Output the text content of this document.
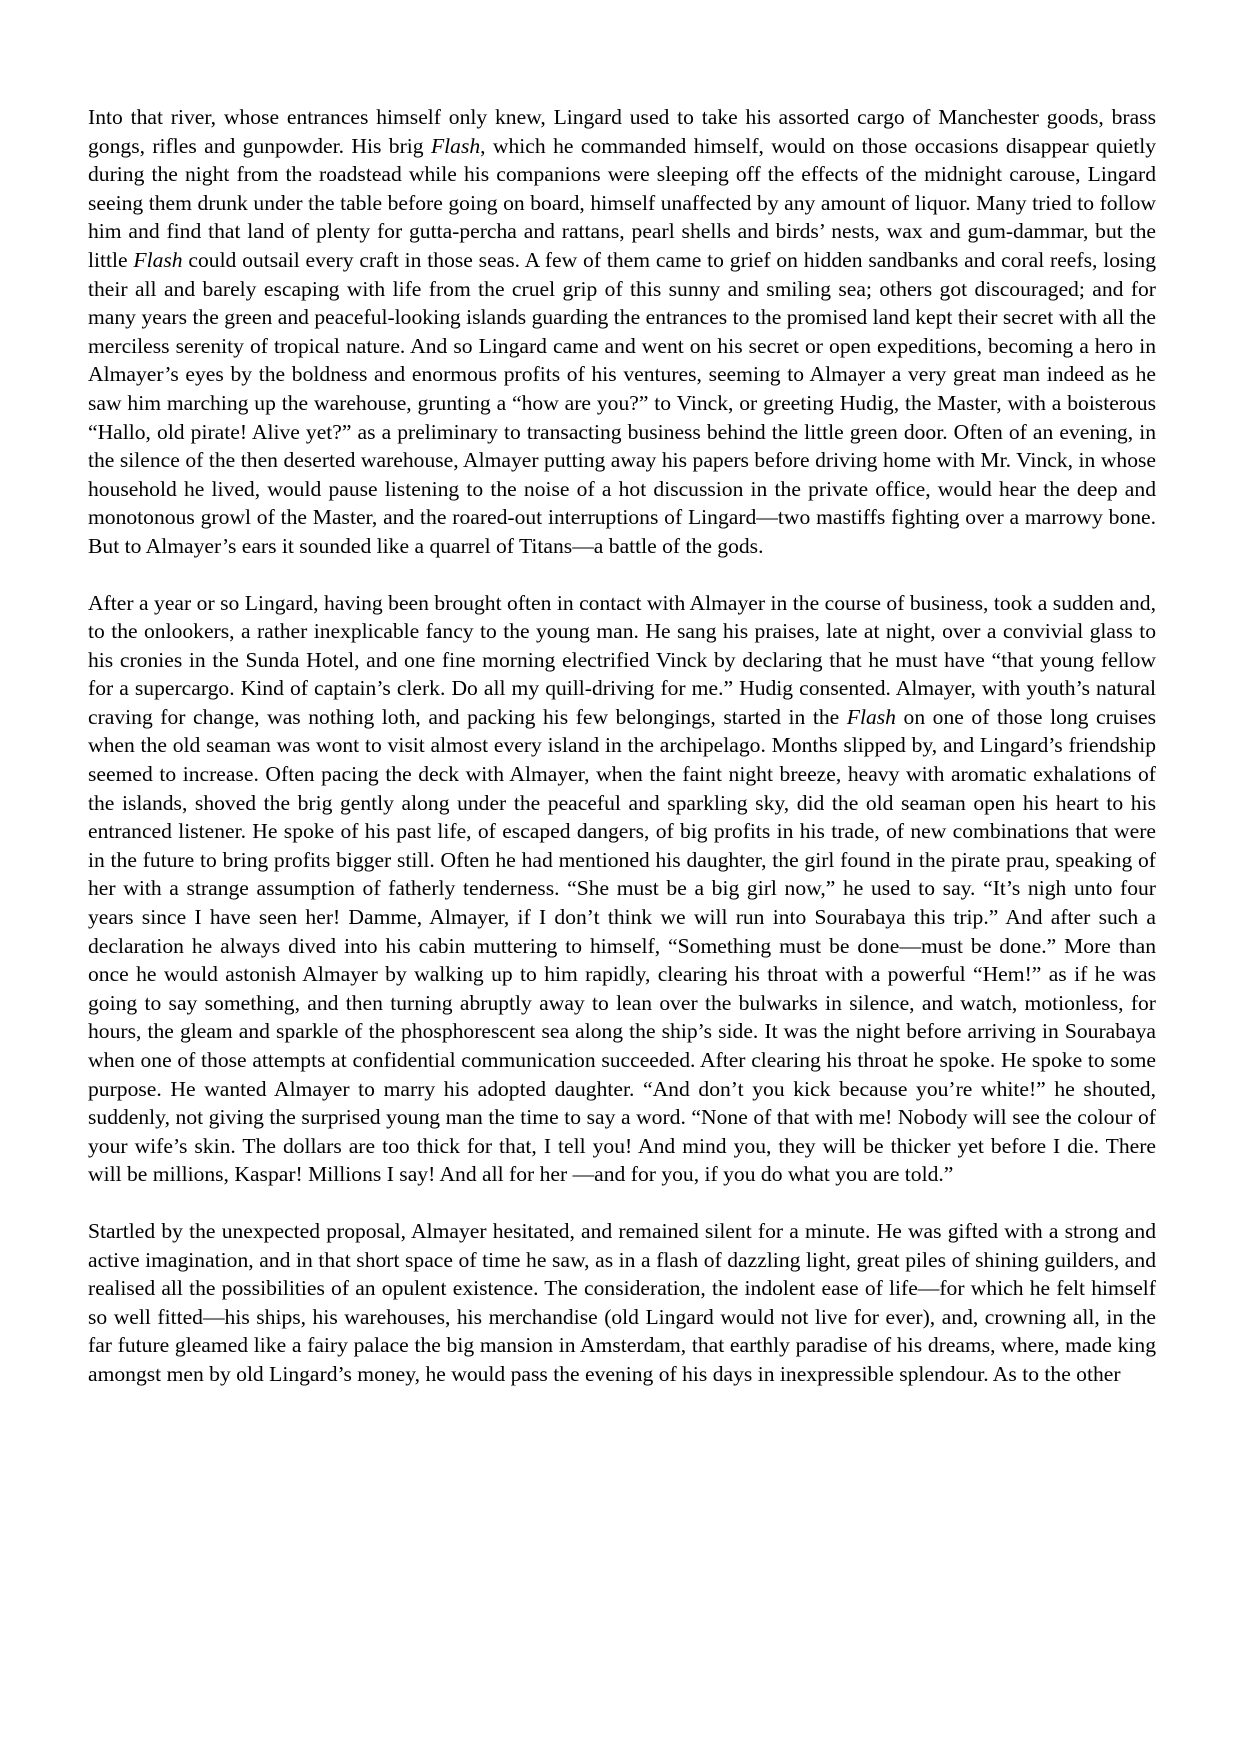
Into that river, whose entrances himself only knew, Lingard used to take his assorted cargo of Manchester goods, brass gongs, rifles and gunpowder. His brig Flash, which he commanded himself, would on those occasions disappear quietly during the night from the roadstead while his companions were sleeping off the effects of the midnight carouse, Lingard seeing them drunk under the table before going on board, himself unaffected by any amount of liquor. Many tried to follow him and find that land of plenty for gutta-percha and rattans, pearl shells and birds’ nests, wax and gum-dammar, but the little Flash could outsail every craft in those seas. A few of them came to grief on hidden sandbanks and coral reefs, losing their all and barely escaping with life from the cruel grip of this sunny and smiling sea; others got discouraged; and for many years the green and peaceful-looking islands guarding the entrances to the promised land kept their secret with all the merciless serenity of tropical nature. And so Lingard came and went on his secret or open expeditions, becoming a hero in Almayer’s eyes by the boldness and enormous profits of his ventures, seeming to Almayer a very great man indeed as he saw him marching up the warehouse, grunting a “how are you?” to Vinck, or greeting Hudig, the Master, with a boisterous “Hallo, old pirate! Alive yet?” as a preliminary to transacting business behind the little green door. Often of an evening, in the silence of the then deserted warehouse, Almayer putting away his papers before driving home with Mr. Vinck, in whose household he lived, would pause listening to the noise of a hot discussion in the private office, would hear the deep and monotonous growl of the Master, and the roared-out interruptions of Lingard—two mastiffs fighting over a marrowy bone. But to Almayer’s ears it sounded like a quarrel of Titans—a battle of the gods.

After a year or so Lingard, having been brought often in contact with Almayer in the course of business, took a sudden and, to the onlookers, a rather inexplicable fancy to the young man. He sang his praises, late at night, over a convivial glass to his cronies in the Sunda Hotel, and one fine morning electrified Vinck by declaring that he must have “that young fellow for a supercargo. Kind of captain’s clerk. Do all my quill-driving for me.” Hudig consented. Almayer, with youth’s natural craving for change, was nothing loth, and packing his few belongings, started in the Flash on one of those long cruises when the old seaman was wont to visit almost every island in the archipelago. Months slipped by, and Lingard’s friendship seemed to increase. Often pacing the deck with Almayer, when the faint night breeze, heavy with aromatic exhalations of the islands, shoved the brig gently along under the peaceful and sparkling sky, did the old seaman open his heart to his entranced listener. He spoke of his past life, of escaped dangers, of big profits in his trade, of new combinations that were in the future to bring profits bigger still. Often he had mentioned his daughter, the girl found in the pirate prau, speaking of her with a strange assumption of fatherly tenderness. “She must be a big girl now,” he used to say. “It’s nigh unto four years since I have seen her! Damme, Almayer, if I don’t think we will run into Sourabaya this trip.” And after such a declaration he always dived into his cabin muttering to himself, “Something must be done—must be done.” More than once he would astonish Almayer by walking up to him rapidly, clearing his throat with a powerful “Hem!” as if he was going to say something, and then turning abruptly away to lean over the bulwarks in silence, and watch, motionless, for hours, the gleam and sparkle of the phosphorescent sea along the ship’s side. It was the night before arriving in Sourabaya when one of those attempts at confidential communication succeeded. After clearing his throat he spoke. He spoke to some purpose. He wanted Almayer to marry his adopted daughter. “And don’t you kick because you’re white!” he shouted, suddenly, not giving the surprised young man the time to say a word. “None of that with me! Nobody will see the colour of your wife’s skin. The dollars are too thick for that, I tell you! And mind you, they will be thicker yet before I die. There will be millions, Kaspar! Millions I say! And all for her —and for you, if you do what you are told.”

Startled by the unexpected proposal, Almayer hesitated, and remained silent for a minute. He was gifted with a strong and active imagination, and in that short space of time he saw, as in a flash of dazzling light, great piles of shining guilders, and realised all the possibilities of an opulent existence. The consideration, the indolent ease of life—for which he felt himself so well fitted—his ships, his warehouses, his merchandise (old Lingard would not live for ever), and, crowning all, in the far future gleamed like a fairy palace the big mansion in Amsterdam, that earthly paradise of his dreams, where, made king amongst men by old Lingard’s money, he would pass the evening of his days in inexpressible splendour. As to the other
